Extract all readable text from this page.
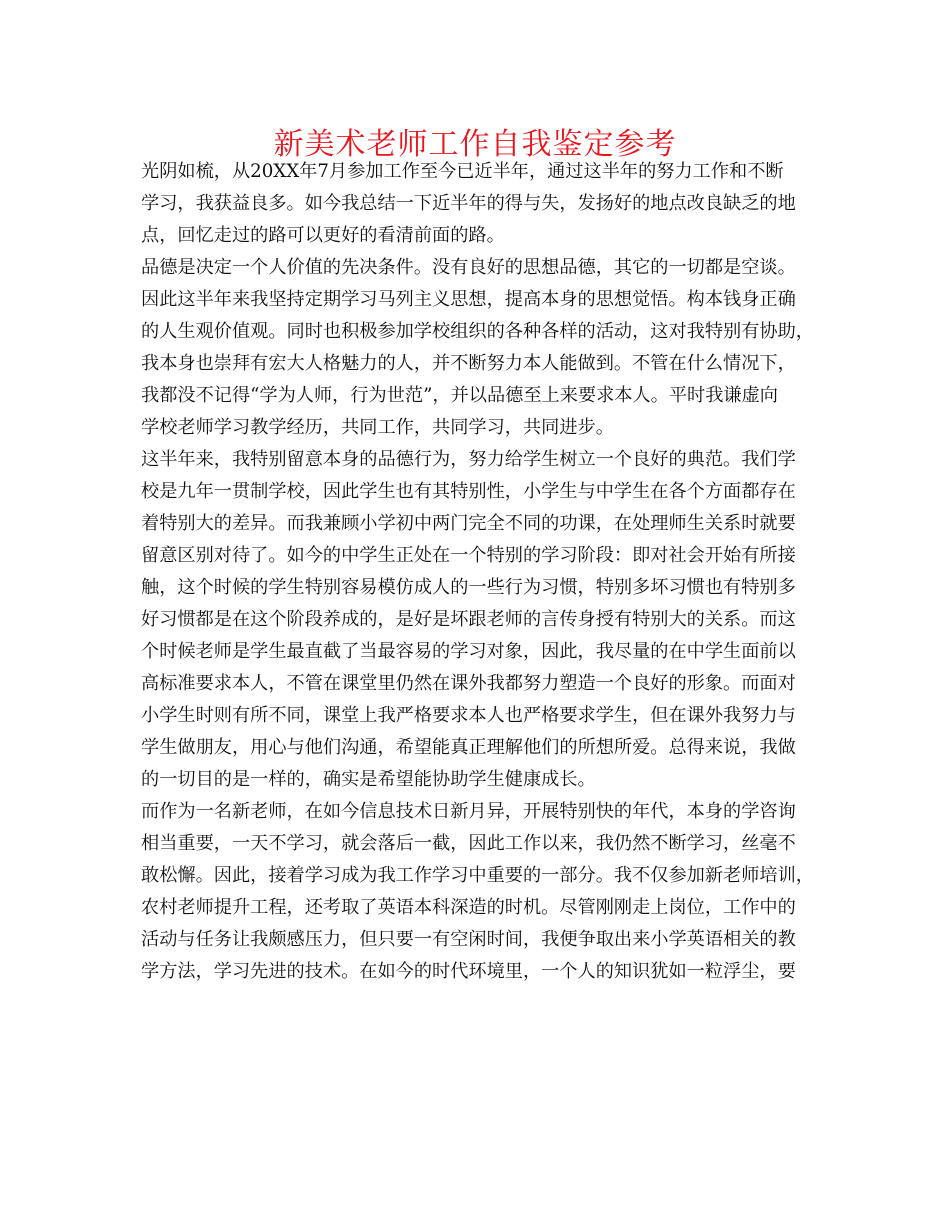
新美术老师工作自我鉴定参考

光阴如梳，从20XX年7月参加工作至今已近半年，通过这半年的努力工作和不断

学习，我获益良多。如今我总结一下近半年的得与失，发扬好的地点改良缺乏的地

点，回忆走过的路可以更好的看清前面的路。

品德是决定一个人价值的先决条件。没有良好的思想品德，其它的一切都是空谈。

因此这半年来我坚持定期学习马列主义思想，提高本身的思想觉悟。构本钱身正确

的人生观价值观。同时也积极参加学校组织的各种各样的活动，这对我特别有协助，

我本身也崇拜有宏大人格魅力的人，并不断努力本人能做到。不管在什么情况下，

我都没不记得“学为人师，行为世范”，并以品德至上来要求本人。平时我谦虚向

学校老师学习教学经历，共同工作，共同学习，共同进步。

这半年来，我特别留意本身的品德行为，努力给学生树立一个良好的典范。我们学

校是九年一贯制学校，因此学生也有其特别性，小学生与中学生在各个方面都存在

着特别大的差异。而我兼顾小学初中两门完全不同的功课，在处理师生关系时就要

留意区别对待了。如今的中学生正处在一个特别的学习阶段：即对社会开始有所接

触，这个时候的学生特别容易模仿成人的一些行为习惯，特别多坏习惯也有特别多

好习惯都是在这个阶段养成的，是好是坏跟老师的言传身授有特别大的关系。而这

个时候老师是学生最直截了当最容易的学习对象，因此，我尽量的在中学生面前以

高标准要求本人，不管在课堂里仍然在课外我都努力塑造一个良好的形象。而面对

小学生时则有所不同，课堂上我严格要求本人也严格要求学生，但在课外我努力与

学生做朋友，用心与他们沟通，希望能真正理解他们的所想所爱。总得来说，我做

的一切目的是一样的，确实是希望能协助学生健康成长。

而作为一名新老师，在如今信息技术日新月异，开展特别快的年代，本身的学咨询

相当重要，一天不学习，就会落后一截，因此工作以来，我仍然不断学习，丝毫不

敢松懈。因此，接着学习成为我工作学习中重要的一部分。我不仅参加新老师培训，

农村老师提升工程，还考取了英语本科深造的时机。尽管刚刚走上岗位，工作中的

活动与任务让我颇感压力，但只要一有空闲时间，我便争取出来小学英语相关的教

学方法，学习先进的技术。在如今的时代环境里，一个人的知识犹如一粒浮尘，要
